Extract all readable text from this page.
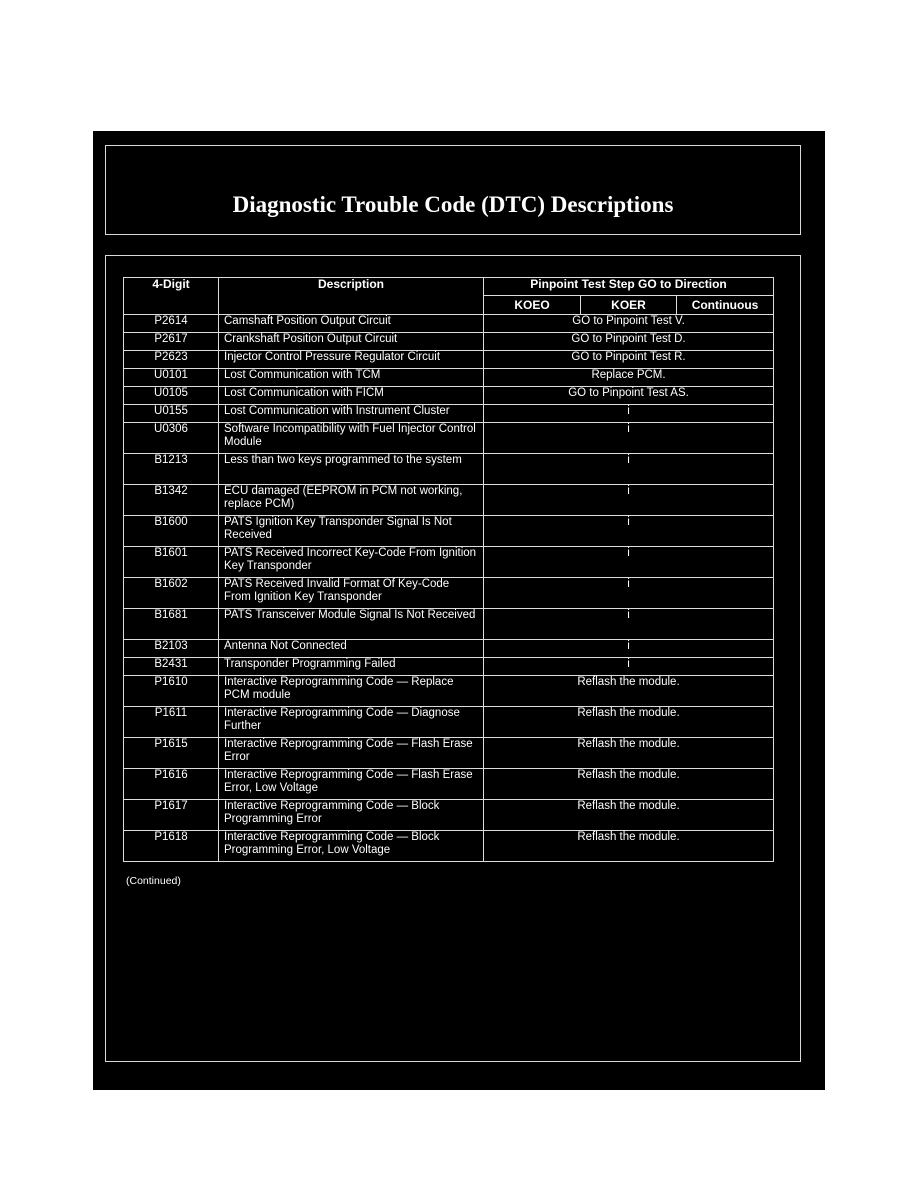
Diagnostic Trouble Code (DTC) Descriptions
4-Digit	Description	Pinpoint Test Step GO to Direction		
		KOEO	KOER	Continuous
P2614	Camshaft Position Output Circuit	GO to Pinpoint Test V.		
P2617	Crankshaft Position Output Circuit	GO to Pinpoint Test D.		
P2623	Injector Control Pressure Regulator Circuit	GO to Pinpoint Test R.		
U0101	Lost Communication with TCM	Replace PCM.		
U0105	Lost Communication with FICM	GO to Pinpoint Test AS.		
U0155	Lost Communication with Instrument Cluster	i		
U0306	Software Incompatibility with Fuel Injector Control Module	i		
B1213	Less than two keys programmed to the system	i		
B1342	ECU damaged (EEPROM in PCM not working, replace PCM)	i		
B1600	PATS Ignition Key Transponder Signal Is Not Received	i		
B1601	PATS Received Incorrect Key-Code From Ignition Key Transponder	i		
B1602	PATS Received Invalid Format Of Key-Code From Ignition Key Transponder	i		
B1681	PATS Transceiver Module Signal Is Not Received	i		
B2103	Antenna Not Connected	i		
B2431	Transponder Programming Failed	i		
P1610	Interactive Reprogramming Code — Replace PCM module	Reflash the module.		
P1611	Interactive Reprogramming Code — Diagnose Further	Reflash the module.		
P1615	Interactive Reprogramming Code — Flash Erase Error	Reflash the module.		
P1616	Interactive Reprogramming Code — Flash Erase Error, Low Voltage	Reflash the module.		
P1617	Interactive Reprogramming Code — Block Programming Error	Reflash the module.		
P1618	Interactive Reprogramming Code — Block Programming Error, Low Voltage	Reflash the module.		
(Continued)
